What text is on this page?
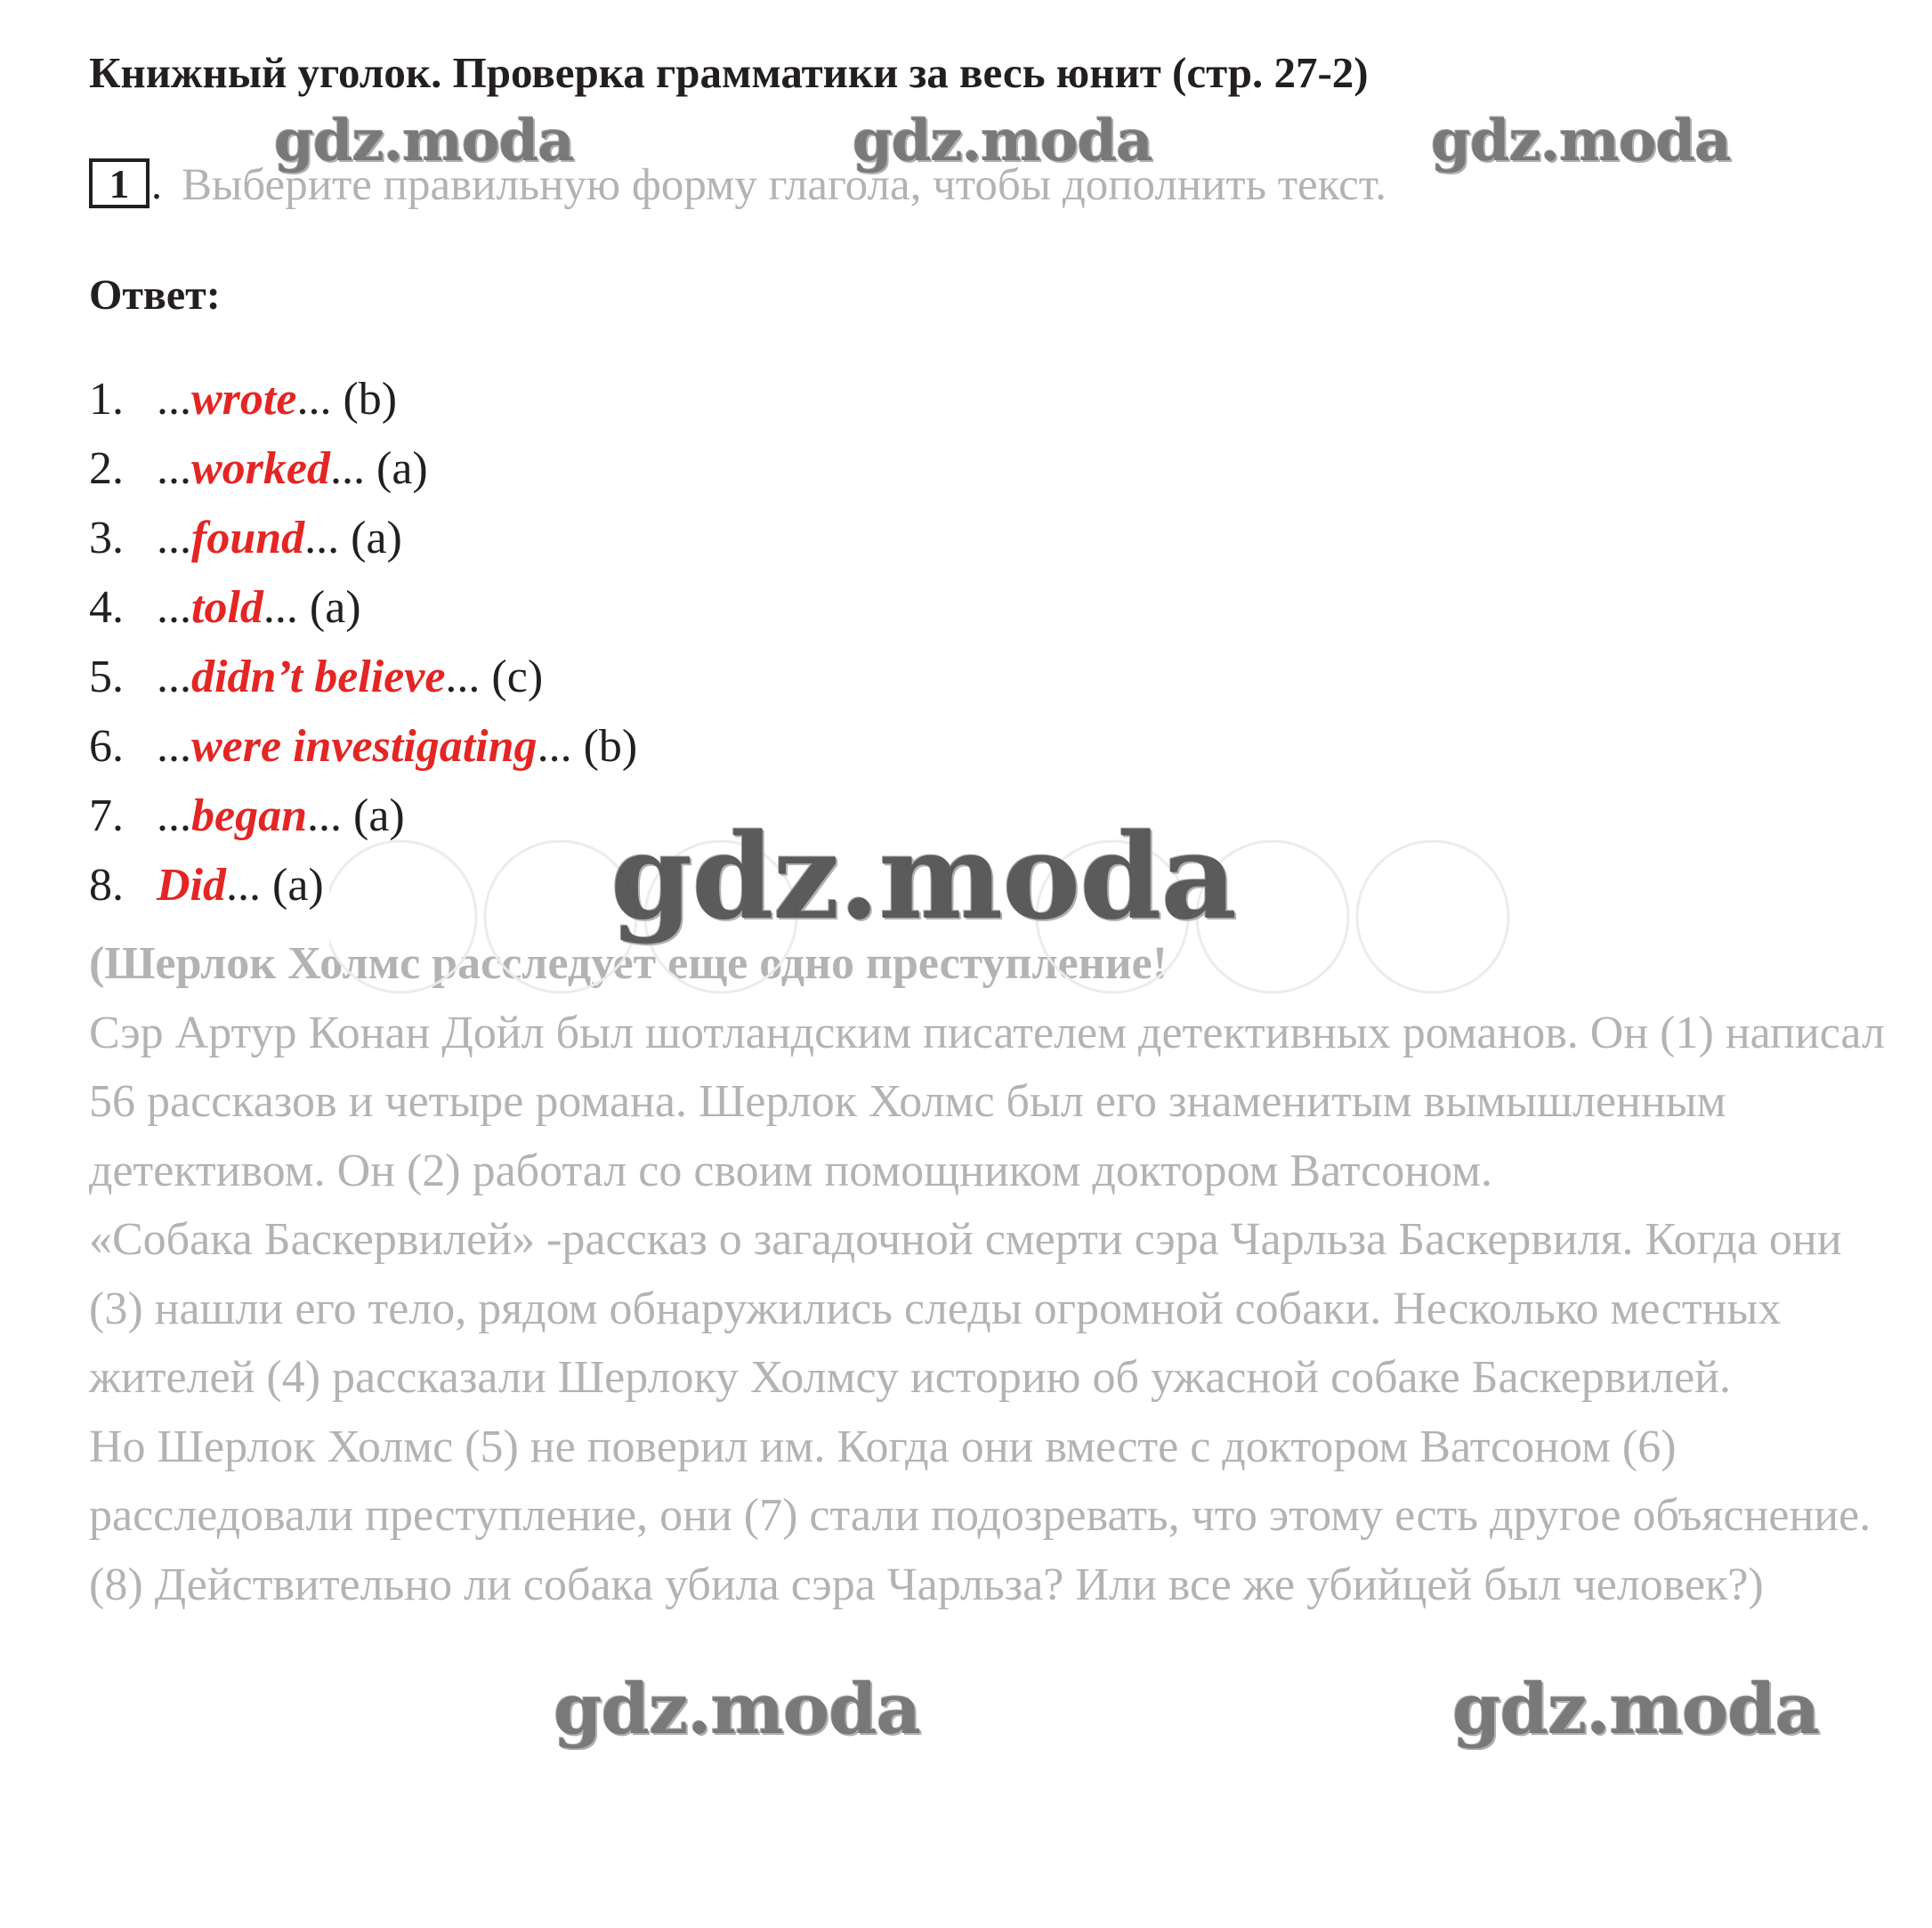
Книжный уголок. Проверка грамматики за весь юнит (стр. 27-2)
1 . Выберите правильную форму глагола, чтобы дополнить текст.
Ответ:
1. ...wrote... (b)
2. ...worked... (a)
3. ...found... (a)
4. ...told... (a)
5. ...didn’t believe... (c)
6. ...were investigating... (b)
7. ...began... (a)
8. Did... (a)

(Шерлок Холмс расследует еще одно преступление!

Сэр Артур Конан Дойл был шотландским писателем детективных романов. Он (1) написал 56 рассказов и четыре романа. Шерлок Холмс был его знаменитым вымышленным детективом. Он (2) работал со своим помощником доктором Ватсоном.

«Собака Баскервилей» -рассказ о загадочной смерти сэра Чарльза Баскервиля. Когда они (3) нашли его тело, рядом обнаружились следы огромной собаки. Несколько местных жителей (4) рассказали Шерлоку Холмсу историю об ужасной собаке Баскервилей.

Но Шерлок Холмс (5) не поверил им. Когда они вместе с доктором Ватсоном (6) расследовали преступление, они (7) стали подозревать, что этому есть другое объяснение.

(8) Действительно ли собака убила сэра Чарльза? Или все же убийцей был человек?)

gdz.moda	gdz.moda	gdz.moda
gdz.moda
gdz.moda	gdz.moda
